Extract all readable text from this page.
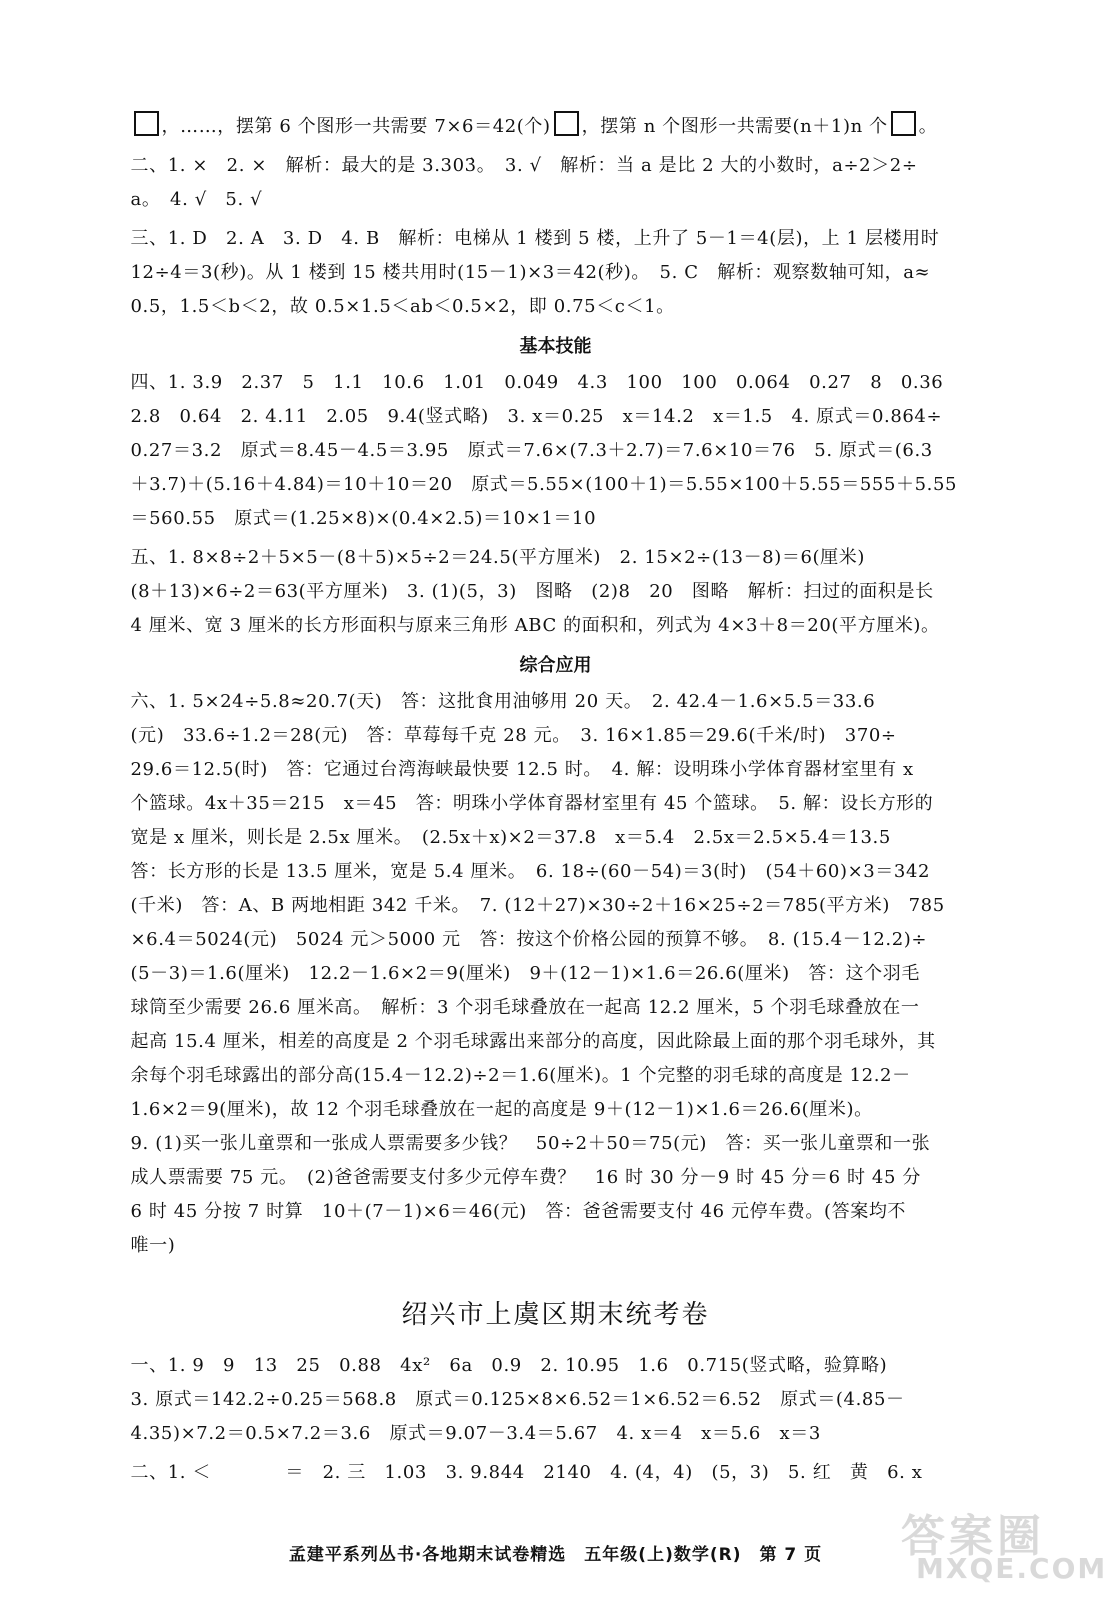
，……，摆第 6 个图形一共需要 7×6＝42(个) ，摆第 n 个图形一共需要(n＋1)n 个 。
二、1. ×　2. ×　解析：最大的是 3.303̇。　3. √　解析：当 a 是比 2 大的小数时，a÷2＞2÷
a。　4. √　5. √
三、1. D　2. A　3. D　4. B　解析：电梯从 1 楼到 5 楼，上升了 5－1＝4(层)，上 1 层楼用时
12÷4＝3(秒)。从 1 楼到 15 楼共用时(15－1)×3＝42(秒)。　5. C　解析：观察数轴可知，a≈
0.5，1.5＜b＜2，故 0.5×1.5＜ab＜0.5×2，即 0.75＜c＜1。
基本技能
四、1. 3.9　2.37　5　1.1　10.6　1.01　0.049　4.3　100　100　0.064　0.27　8　0.36
2.8　0.64　2. 4.11　2.05　9.4(竖式略)　3. x＝0.25　x＝14.2　x＝1.5　4. 原式＝0.864÷
0.27＝3.2　原式＝8.45－4.5＝3.95　原式＝7.6×(7.3＋2.7)＝7.6×10＝76　5. 原式＝(6.3
＋3.7)＋(5.16＋4.84)＝10＋10＝20　原式＝5.55×(100＋1)＝5.55×100＋5.55＝555＋5.55
＝560.55　原式＝(1.25×8)×(0.4×2.5)＝10×1＝10
五、1. 8×8÷2＋5×5－(8＋5)×5÷2＝24.5(平方厘米)　2. 15×2÷(13－8)＝6(厘米)
(8＋13)×6÷2＝63(平方厘米)　3. (1)(5，3)　图略　(2)8　20　图略　解析：扫过的面积是长
4 厘米、宽 3 厘米的长方形面积与原来三角形 ABC 的面积和，列式为 4×3＋8＝20(平方厘米)。
综合应用
六、1. 5×24÷5.8≈20.7(天)　答：这批食用油够用 20 天。　2. 42.4－1.6×5.5＝33.6
(元)　33.6÷1.2＝28(元)　答：草莓每千克 28 元。　3. 16×1.85＝29.6(千米/时)　370÷
29.6＝12.5(时)　答：它通过台湾海峡最快要 12.5 时。　4. 解：设明珠小学体育器材室里有 x
个篮球。4x＋35＝215　x＝45　答：明珠小学体育器材室里有 45 个篮球。　5. 解：设长方形的
宽是 x 厘米，则长是 2.5x 厘米。　(2.5x＋x)×2＝37.8　x＝5.4　2.5x＝2.5×5.4＝13.5
答：长方形的长是 13.5 厘米，宽是 5.4 厘米。　6. 18÷(60－54)＝3(时)　(54＋60)×3＝342
(千米)　答：A、B 两地相距 342 千米。　7. (12＋27)×30÷2＋16×25÷2＝785(平方米)　785
×6.4＝5024(元)　5024 元＞5000 元　答：按这个价格公园的预算不够。　8. (15.4－12.2)÷
(5－3)＝1.6(厘米)　12.2－1.6×2＝9(厘米)　9＋(12－1)×1.6＝26.6(厘米)　答：这个羽毛
球筒至少需要 26.6 厘米高。　解析：3 个羽毛球叠放在一起高 12.2 厘米，5 个羽毛球叠放在一
起高 15.4 厘米，相差的高度是 2 个羽毛球露出来部分的高度，因此除最上面的那个羽毛球外，其
余每个羽毛球露出的部分高(15.4－12.2)÷2＝1.6(厘米)。1 个完整的羽毛球的高度是 12.2－
1.6×2＝9(厘米)，故 12 个羽毛球叠放在一起的高度是 9＋(12－1)×1.6＝26.6(厘米)。
9. (1)买一张儿童票和一张成人票需要多少钱？　50÷2＋50＝75(元)　答：买一张儿童票和一张
成人票需要 75 元。　(2)爸爸需要支付多少元停车费？　16 时 30 分－9 时 45 分＝6 时 45 分
6 时 45 分按 7 时算　10＋(7－1)×6＝46(元)　答：爸爸需要支付 46 元停车费。(答案均不
唯一)
绍兴市上虞区期末统考卷
一、1. 9　9　13　25　0.88　4x²　6a　0.9　2. 10.95　1.6　0.715(竖式略，验算略)
3. 原式＝142.2÷0.25＝568.8　原式＝0.125×8×6.52＝1×6.52＝6.52　原式＝(4.85－
4.35)×7.2＝0.5×7.2＝3.6　原式＝9.07－3.4＝5.67　4. x＝4　x＝5.6　x＝3
二、1. ＜　　　　＝　2. 三　1.03　3. 9.844　2140　4. (4，4)　(5，3)　5. 红　黄　6. x
孟建平系列丛书·各地期末试卷精选　五年级(上)数学(R)　第 7 页	答案圈
MXQE.COM
